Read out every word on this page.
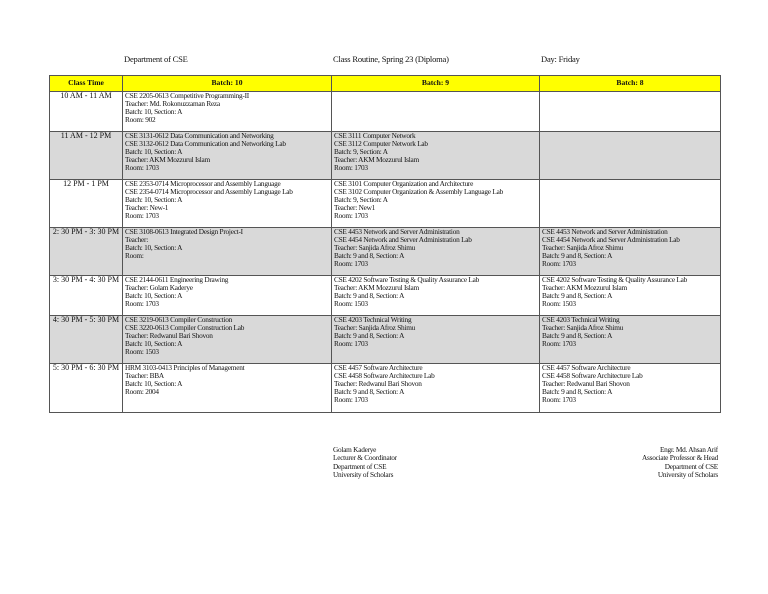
Department of CSE	Class Routine, Spring 23 (Diploma)	Day: Friday
Class Time	Batch: 10	Batch: 9	Batch: 8
10 AM - 11 AM	CSE 2205-0613 Competitive Programming-II
Teacher: Md. Rokonuzzaman Reza
Batch: 10, Section: A
Room: 902		

11 AM - 12 PM	CSE 3131-0612 Data Communication and Networking
CSE 3132-0612 Data Communication and Networking Lab
Batch: 10, Section: A
Teacher: AKM Mozzurul Islam
Room: 1703	CSE 3111 Computer Network
CSE 3112 Computer Network Lab
Batch: 9, Section: A
Teacher: AKM Mozzurul Islam
Room: 1703	

12 PM - 1 PM	CSE 2353-0714 Microprocessor and Assembly Language
CSE 2354-0714 Microprocessor and Assembly Language Lab
Batch: 10, Section: A
Teacher: New-1
Room: 1703	CSE 3101 Computer Organization and Architecture
CSE 3102 Computer Organization & Assembly Language Lab
Batch: 9, Section: A
Teacher: New1
Room: 1703	

2: 30 PM - 3: 30 PM	CSE 3108-0613 Integrated Design Project-I
Teacher:
Batch: 10, Section: A
Room:	CSE 4453 Network and Server Administration
CSE 4454 Network and Server Administration Lab
Teacher: Sanjida Afroz Shimu
Batch: 9 and 8, Section: A
Room: 1703	CSE 4453 Network and Server Administration
CSE 4454 Network and Server Administration Lab
Teacher: Sanjida Afroz Shimu
Batch: 9 and 8, Section: A
Room: 1703

3: 30 PM - 4: 30 PM	CSE 2144-0611 Engineering Drawing
Teacher: Golam Kaderye
Batch: 10, Section: A
Room: 1703	CSE 4202 Software Testing & Quality Assurance Lab
Teacher: AKM Mozzurul Islam
Batch: 9 and 8, Section: A
Room: 1503	CSE 4202 Software Testing & Quality Assurance Lab
Teacher: AKM Mozzurul Islam
Batch: 9 and 8, Section: A
Room: 1503

4: 30 PM - 5: 30 PM	CSE 3219-0613 Compiler Construction
CSE 3220-0613 Compiler Construction Lab
Teacher: Redwanul Bari Shovon
Batch: 10, Section: A
Room: 1503	CSE 4203 Technical Writing
Teacher: Sanjida Afroz Shimu
Batch: 9 and 8, Section: A
Room: 1703	CSE 4203 Technical Writing
Teacher: Sanjida Afroz Shimu
Batch: 9 and 8, Section: A
Room: 1703

5: 30 PM - 6: 30 PM	HRM 3103-0413 Principles of Management
Teacher: BBA
Batch: 10, Section: A
Room: 2004	CSE 4457 Software Architecture
CSE 4458 Software Architecture Lab
Teacher: Redwanul Bari Shovon
Batch: 9 and 8, Section: A
Room: 1703	CSE 4457 Software Architecture
CSE 4458 Software Architecture Lab
Teacher: Redwanul Bari Shovon
Batch: 9 and 8, Section: A
Room: 1703
Golam Kaderye
Lecturer & Coordinator
Department of CSE
University of Scholars
Engr. Md. Ahsan Arif
Associate Professor & Head
Department of CSE
University of Scholars
